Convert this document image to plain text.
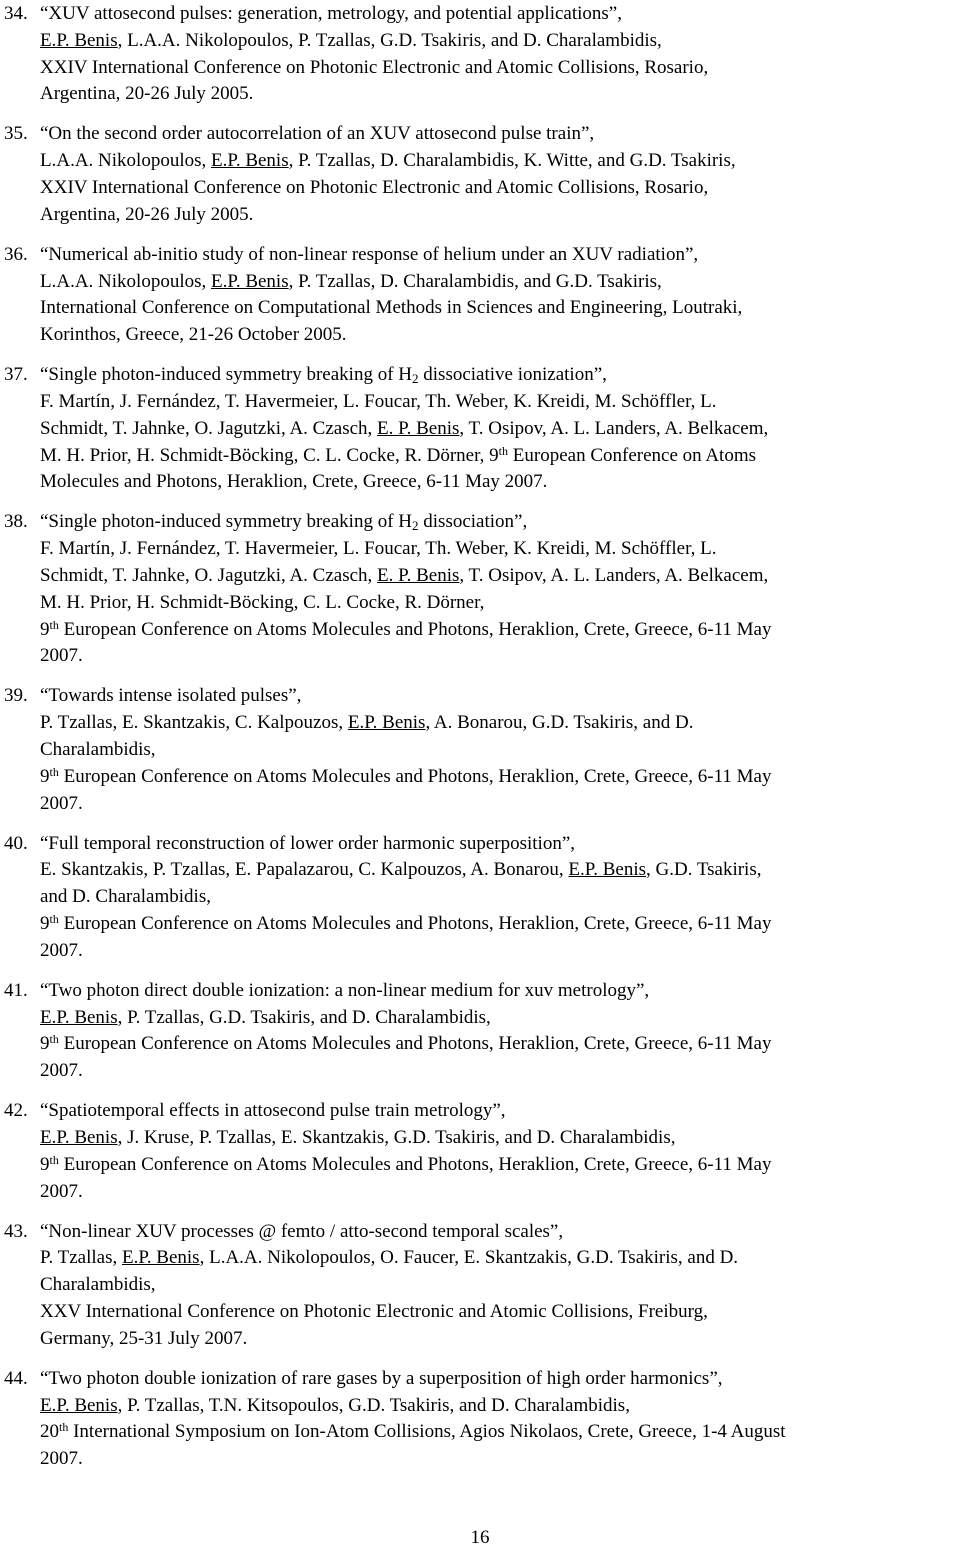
34. “XUV attosecond pulses: generation, metrology, and potential applications”,
E.P. Benis, L.A.A. Nikolopoulos, P. Tzallas, G.D. Tsakiris, and D. Charalambidis,
XXIV International Conference on Photonic Electronic and Atomic Collisions, Rosario,
Argentina, 20-26 July 2005.
35. “On the second order autocorrelation of an XUV attosecond pulse train”,
L.A.A. Nikolopoulos, E.P. Benis, P. Tzallas, D. Charalambidis, K. Witte, and G.D. Tsakiris,
XXIV International Conference on Photonic Electronic and Atomic Collisions, Rosario,
Argentina, 20-26 July 2005.
36. “Numerical ab-initio study of non-linear response of helium under an XUV radiation”,
L.A.A. Nikolopoulos, E.P. Benis, P. Tzallas, D. Charalambidis, and G.D. Tsakiris,
International Conference on Computational Methods in Sciences and Engineering, Loutraki,
Korinthos, Greece, 21-26 October 2005.
37. “Single photon-induced symmetry breaking of $H_2$ dissociative ionization”,
F. Martín, J. Fernández, T. Havermeier, L. Foucar, Th. Weber, K. Kreidi, M. Schöffler, L.
Schmidt, T. Jahnke, O. Jagutzki, A. Czasch, E. P. Benis, T. Osipov, A. L. Landers, A. Belkacem,
M. H. Prior, H. Schmidt-Böcking, C. L. Cocke, R. Dörner, 9th European Conference on Atoms
Molecules and Photons, Heraklion, Crete, Greece, 6-11 May 2007.
38. “Single photon-induced symmetry breaking of $H_2$ dissociation”,
F. Martín, J. Fernández, T. Havermeier, L. Foucar, Th. Weber, K. Kreidi, M. Schöffler, L.
Schmidt, T. Jahnke, O. Jagutzki, A. Czasch, E. P. Benis, T. Osipov, A. L. Landers, A. Belkacem,
M. H. Prior, H. Schmidt-Böcking, C. L. Cocke, R. Dörner,
9th European Conference on Atoms Molecules and Photons, Heraklion, Crete, Greece, 6-11 May
2007.
39. “Towards intense isolated pulses”,
P. Tzallas, E. Skantzakis, C. Kalpouzos, E.P. Benis, A. Bonarou, G.D. Tsakiris, and D.
Charalambidis,
9th European Conference on Atoms Molecules and Photons, Heraklion, Crete, Greece, 6-11 May
2007.
40. “Full temporal reconstruction of lower order harmonic superposition”,
E. Skantzakis, P. Tzallas, E. Papalazarou, C. Kalpouzos, A. Bonarou, E.P. Benis, G.D. Tsakiris,
and D. Charalambidis,
9th European Conference on Atoms Molecules and Photons, Heraklion, Crete, Greece, 6-11 May
2007.
41. “Two photon direct double ionization: a non-linear medium for xuv metrology”,
E.P. Benis, P. Tzallas, G.D. Tsakiris, and D. Charalambidis,
9th European Conference on Atoms Molecules and Photons, Heraklion, Crete, Greece, 6-11 May
2007.
42. “Spatiotemporal effects in attosecond pulse train metrology”,
E.P. Benis, J. Kruse, P. Tzallas, E. Skantzakis, G.D. Tsakiris, and D. Charalambidis,
9th European Conference on Atoms Molecules and Photons, Heraklion, Crete, Greece, 6-11 May
2007.
43. “Non-linear XUV processes @ femto / atto-second temporal scales”,
P. Tzallas, E.P. Benis, L.A.A. Nikolopoulos, O. Faucer, E. Skantzakis, G.D. Tsakiris, and D.
Charalambidis,
XXV International Conference on Photonic Electronic and Atomic Collisions, Freiburg,
Germany, 25-31 July 2007.
44. “Two photon double ionization of rare gases by a superposition of high order harmonics”,
E.P. Benis, P. Tzallas, T.N. Kitsopoulos, G.D. Tsakiris, and D. Charalambidis,
20th International Symposium on Ion-Atom Collisions, Agios Nikolaos, Crete, Greece, 1-4 August
2007.
16
